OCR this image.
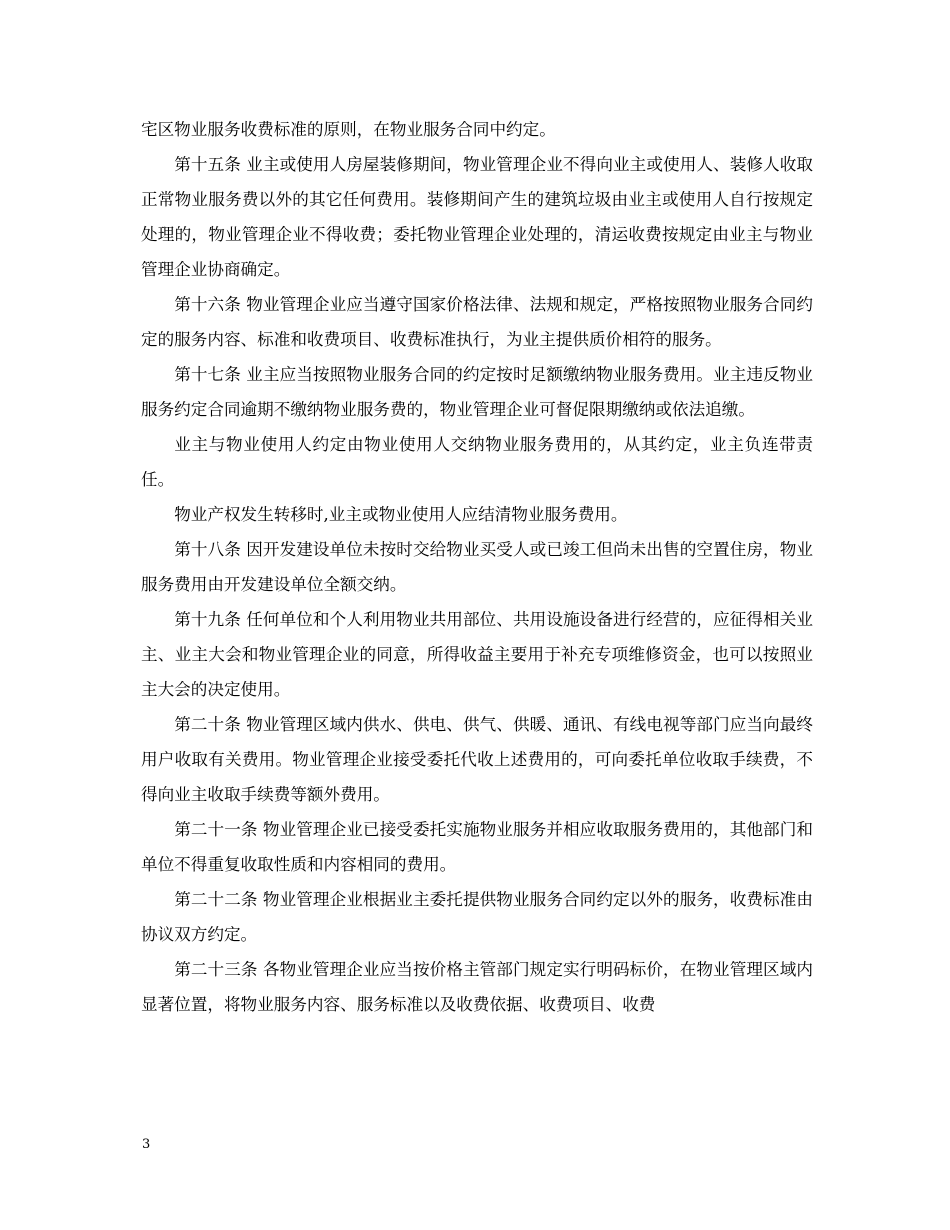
宅区物业服务收费标准的原则，在物业服务合同中约定。

第十五条 业主或使用人房屋装修期间，物业管理企业不得向业主或使用人、装修人收取正常物业服务费以外的其它任何费用。装修期间产生的建筑垃圾由业主或使用人自行按规定处理的，物业管理企业不得收费；委托物业管理企业处理的，清运收费按规定由业主与物业管理企业协商确定。

第十六条 物业管理企业应当遵守国家价格法律、法规和规定，严格按照物业服务合同约定的服务内容、标准和收费项目、收费标准执行，为业主提供质价相符的服务。

第十七条 业主应当按照物业服务合同的约定按时足额缴纳物业服务费用。业主违反物业服务约定合同逾期不缴纳物业服务费的，物业管理企业可督促限期缴纳或依法追缴。

业主与物业使用人约定由物业使用人交纳物业服务费用的，从其约定，业主负连带责任。

物业产权发生转移时,业主或物业使用人应结清物业服务费用。

第十八条 因开发建设单位未按时交给物业买受人或已竣工但尚未出售的空置住房，物业服务费用由开发建设单位全额交纳。

第十九条 任何单位和个人利用物业共用部位、共用设施设备进行经营的，应征得相关业主、业主大会和物业管理企业的同意，所得收益主要用于补充专项维修资金，也可以按照业主大会的决定使用。

第二十条 物业管理区域内供水、供电、供气、供暖、通讯、有线电视等部门应当向最终用户收取有关费用。物业管理企业接受委托代收上述费用的，可向委托单位收取手续费，不得向业主收取手续费等额外费用。

第二十一条 物业管理企业已接受委托实施物业服务并相应收取服务费用的，其他部门和单位不得重复收取性质和内容相同的费用。

第二十二条 物业管理企业根据业主委托提供物业服务合同约定以外的服务，收费标准由协议双方约定。

第二十三条 各物业管理企业应当按价格主管部门规定实行明码标价，在物业管理区域内显著位置，将物业服务内容、服务标准以及收费依据、收费项目、收费

3
